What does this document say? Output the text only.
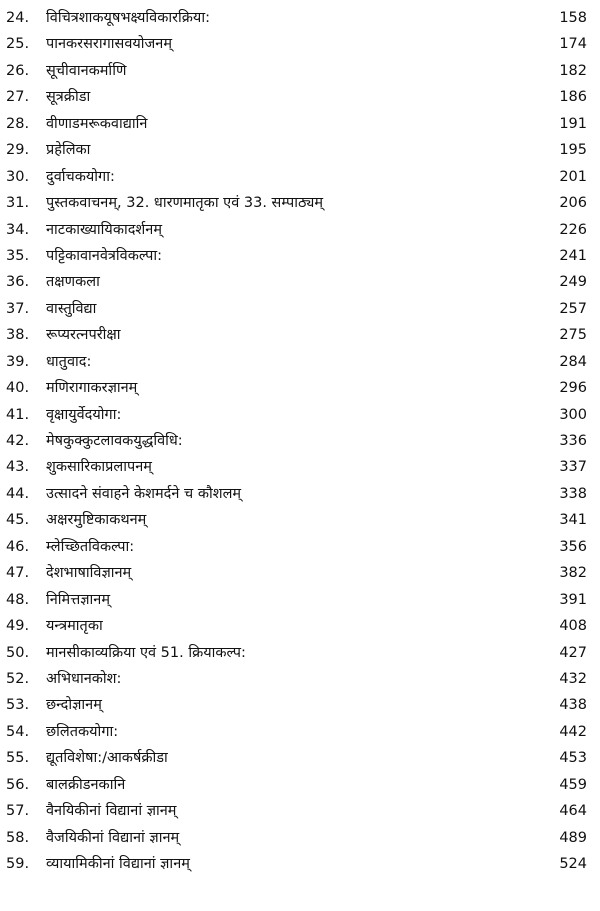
24.	विचित्रशाकयूषभक्ष्यविकारक्रिया:	158
25.	पानकरसरागासवयोजनम्	174
26.	सूचीवानकर्माणि	182
27.	सूत्रक्रीडा	186
28.	वीणाडमरूकवाद्यानि	191
29.	प्रहेलिका	195
30.	दुर्वाचकयोगा:	201
31.	पुस्तकवाचनम्, 32. धारणमातृका एवं 33. सम्पाठ्यम्	206
34.	नाटकाख्यायिकादर्शनम्	226
35.	पट्टिकावानवेत्रविकल्पा:	241
36.	तक्षणकला	249
37.	वास्तुविद्या	257
38.	रूप्यरत्नपरीक्षा	275
39.	धातुवाद:	284
40.	मणिरागाकरज्ञानम्	296
41.	वृक्षायुर्वेदयोगा:	300
42.	मेषकुक्कुटलावकयुद्धविधि:	336
43.	शुकसारिकाप्रलापनम्	337
44.	उत्सादने संवाहने केशमर्दने च कौशलम्	338
45.	अक्षरमुष्टिकाकथनम्	341
46.	म्लेच्छितविकल्पा:	356
47.	देशभाषाविज्ञानम्	382
48.	निमित्तज्ञानम्	391
49.	यन्त्रमातृका	408
50.	मानसीकाव्यक्रिया एवं 51. क्रियाकल्प:	427
52.	अभिधानकोश:	432
53.	छन्दोज्ञानम्	438
54.	छलितकयोगा:	442
55.	द्यूतविशेषा:/आकर्षक्रीडा	453
56.	बालक्रीडनकानि	459
57.	वैनयिकीनां विद्यानां ज्ञानम्	464
58.	वैजयिकीनां विद्यानां ज्ञानम्	489
59.	व्यायामिकीनां विद्यानां ज्ञानम्	524
